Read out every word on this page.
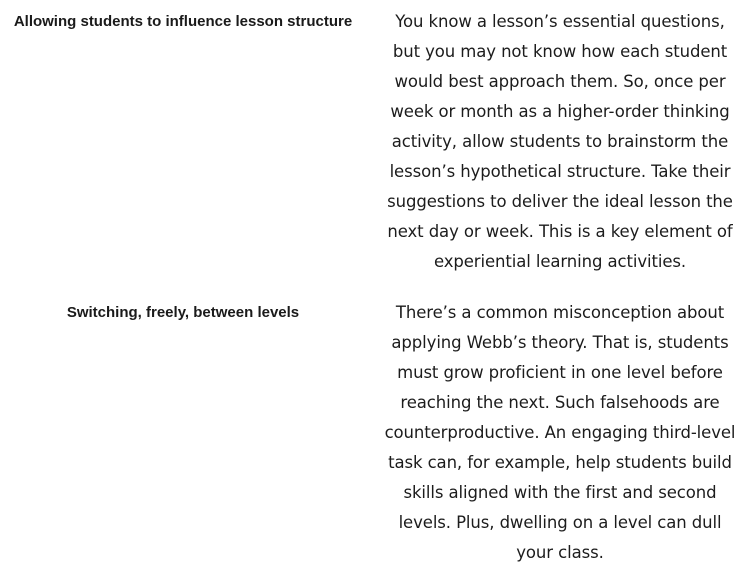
Allowing students to influence lesson structure	You know a lesson’s essential questions, but you may not know how each student would best approach them. So, once per week or month as a higher-order thinking activity, allow students to brainstorm the lesson’s hypothetical structure. Take their suggestions to deliver the ideal lesson the next day or week. This is a key element of experiential learning activities.
Switching, freely, between levels	There’s a common misconception about applying Webb’s theory. That is, students must grow proficient in one level before reaching the next. Such falsehoods are counterproductive. An engaging third-level task can, for example, help students build skills aligned with the first and second levels. Plus, dwelling on a level can dull your class.
